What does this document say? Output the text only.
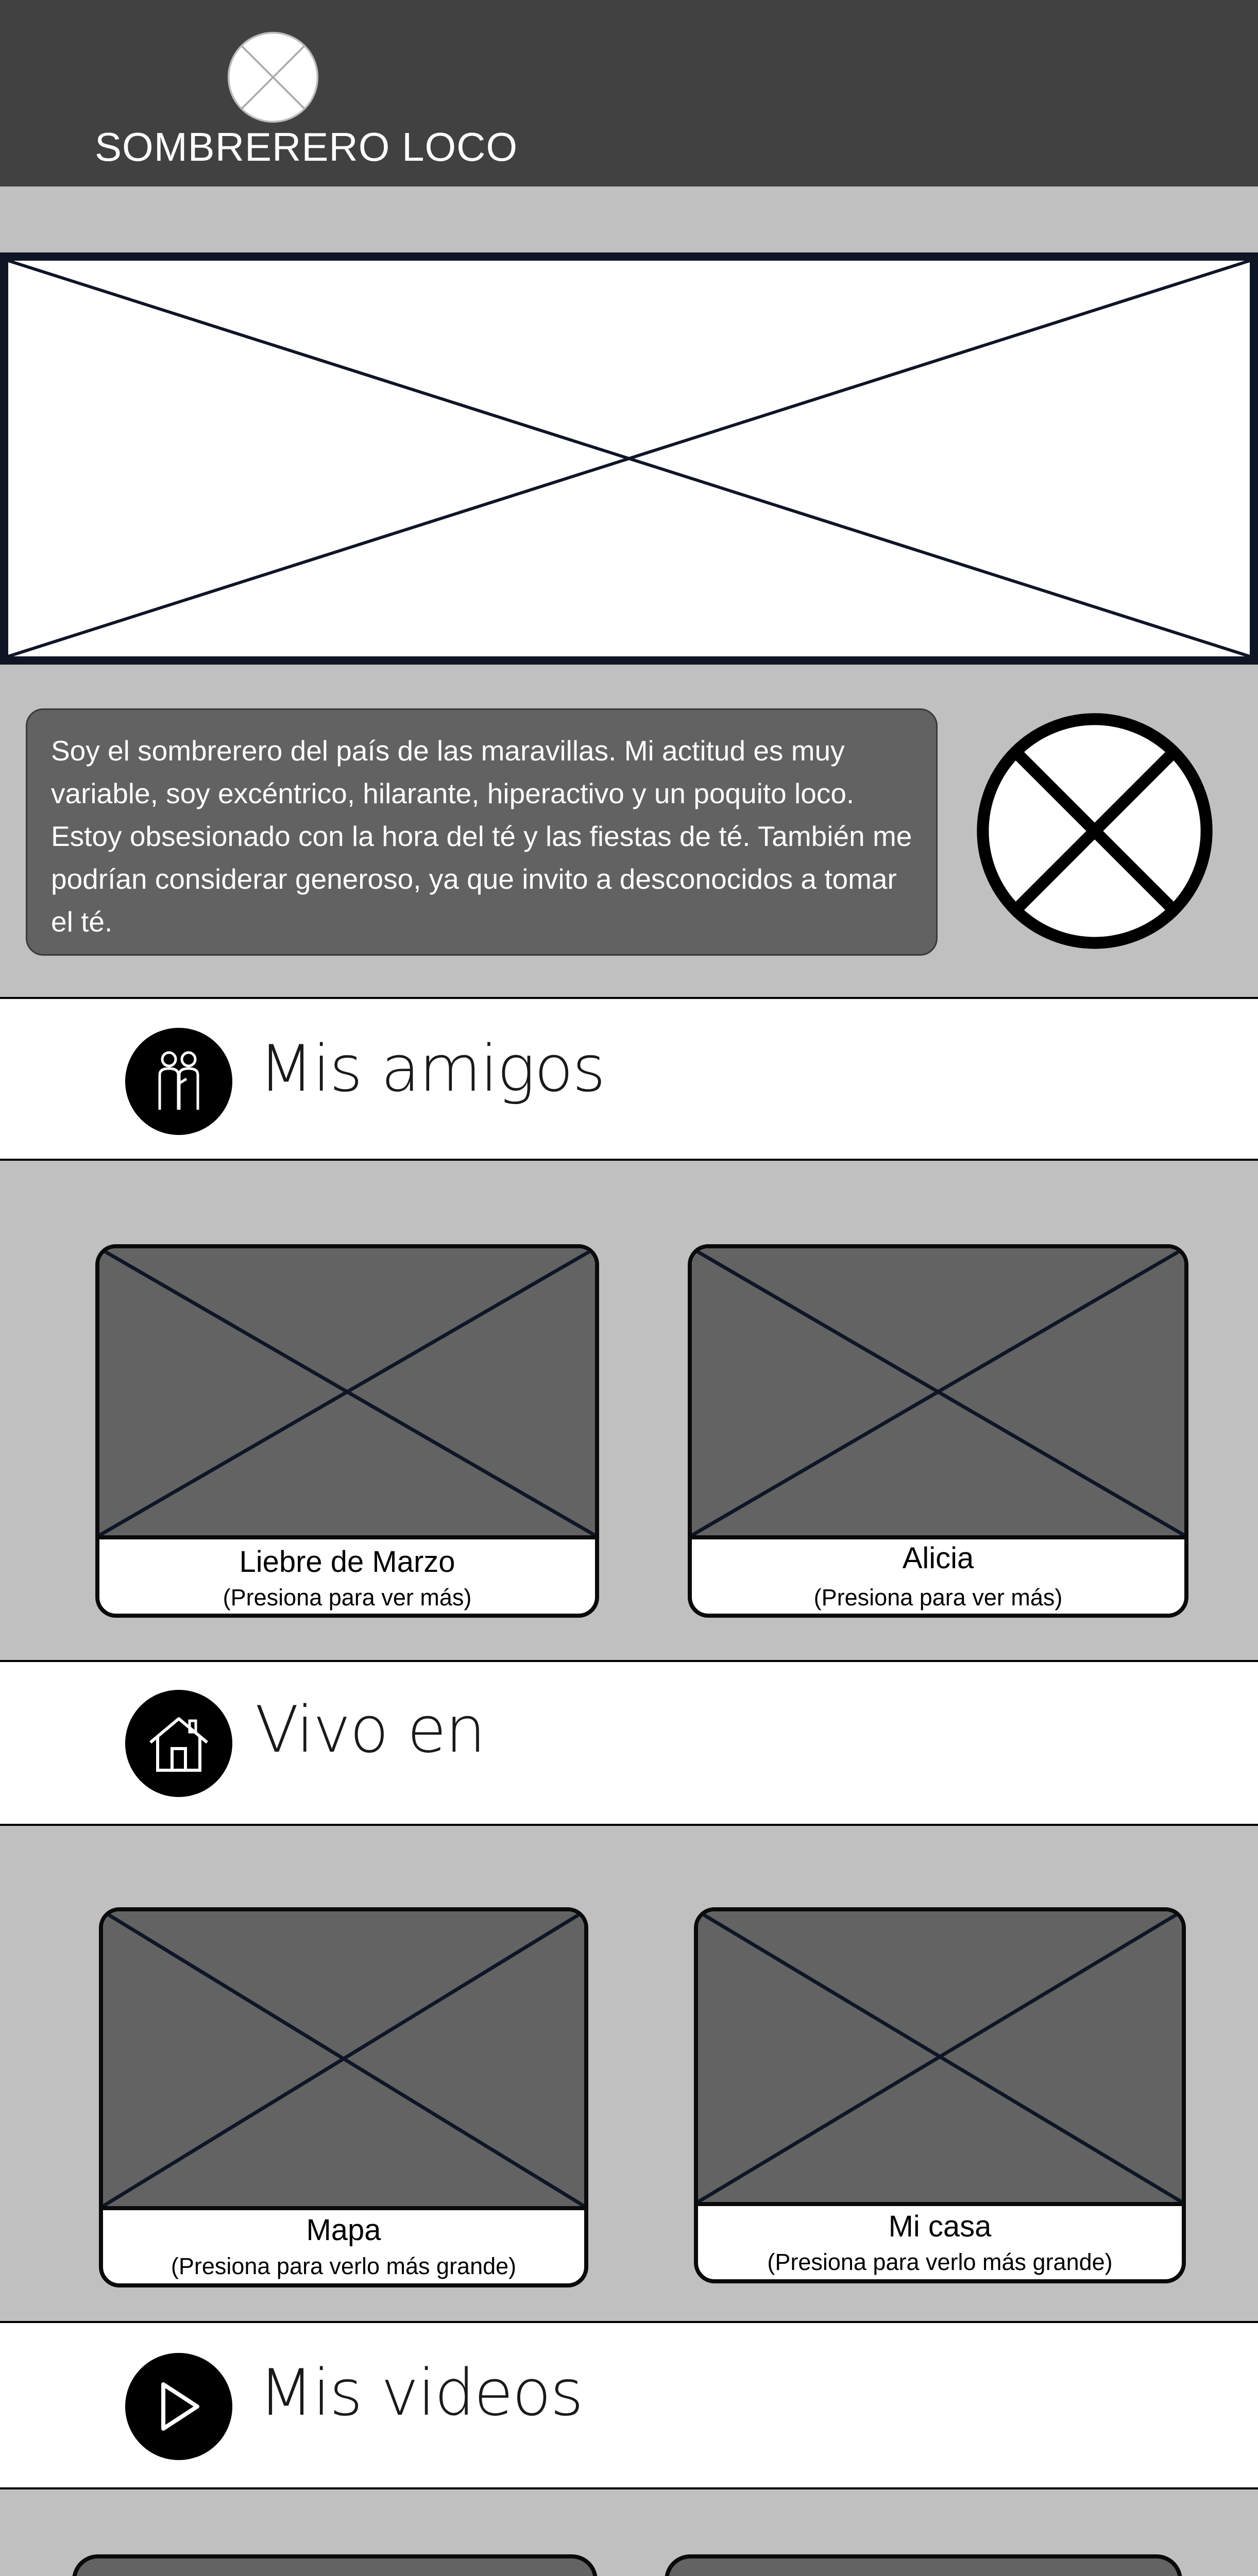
SOMBRERERO LOCO
Soy el sombrerero del país de las maravillas. Mi actitud es muy variable, soy excéntrico, hilarante, hiperactivo y un poquito loco. Estoy obsesionado con la hora del té y las fiestas de té. También me podrían considerar generoso, ya que invito a desconocidos a tomar el té.
Mis amigos
Liebre de Marzo
(Presiona para ver más)
Alicia
(Presiona para ver más)
Vivo en
Mapa
(Presiona para verlo más grande)
Mi casa
(Presiona para verlo más grande)
Mis videos
